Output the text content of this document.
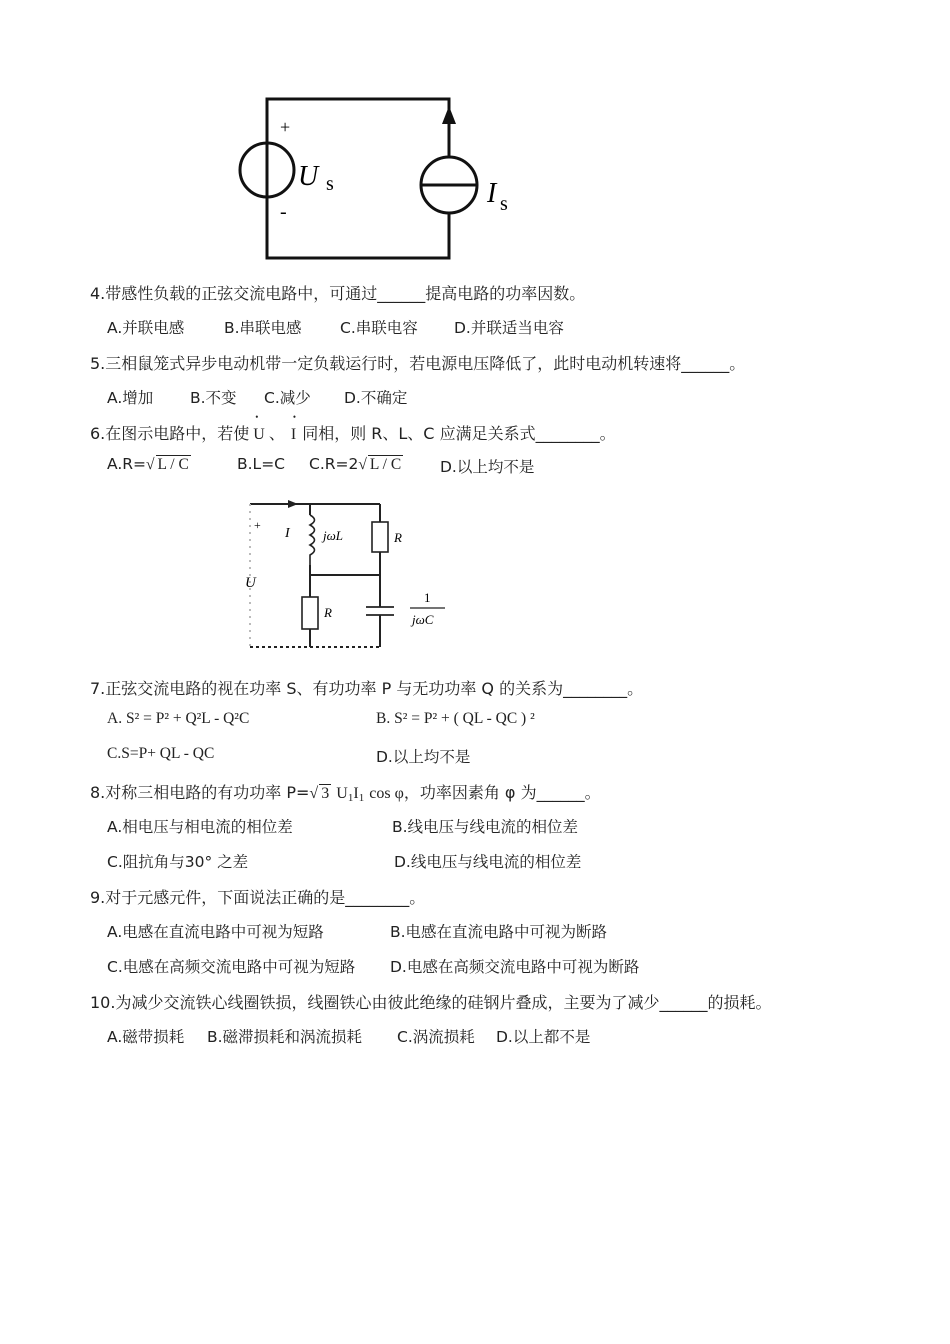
+
-
U s	I s
4.带感性负载的正弦交流电路中，可通过______提高电路的功率因数。
A.并联电感	B.串联电感 C.串联电容 D.并联适当电容
5.三相鼠笼式异步电动机带一定负载运行时，若电源电压降低了，此时电动机转速将______。
A.增加 B.不变 C.减少 D.不确定
6.在图示电路中，若使 • U 、 • I 同相，则 R、L、C 应满足关系式________。
A.R=√ L / C	B.L=C C.R=2√ L / C	D.以上均不是
+
I
U
jωL	R
R
1
jωC
7.正弦交流电路的视在功率 S、有功功率 P 与无功功率 Q 的关系为________。
A. S² = P² + Q²L - Q²C	B. S² = P² + ( QL - QC ) ²
C.S=P+ QL - QC	D.以上均不是
8.对称三相电路的有功功率 P=√ 3 $U_1I_1$ cos φ，功率因素角 φ 为______。
A.相电压与相电流的相位差	B.线电压与线电流的相位差
C.阻抗角与30° 之差	D.线电压与线电流的相位差
9.对于元感元件，下面说法正确的是________。
A.电感在直流电路中可视为短路	B.电感在直流电路中可视为断路
C.电感在高频交流电路中可视为短路 D.电感在高频交流电路中可视为断路
10.为减少交流铁心线圈铁损，线圈铁心由彼此绝缘的硅钢片叠成，主要为了减少______的损耗。
A.磁带损耗 B.磁滞损耗和涡流损耗 C.涡流损耗 D.以上都不是
